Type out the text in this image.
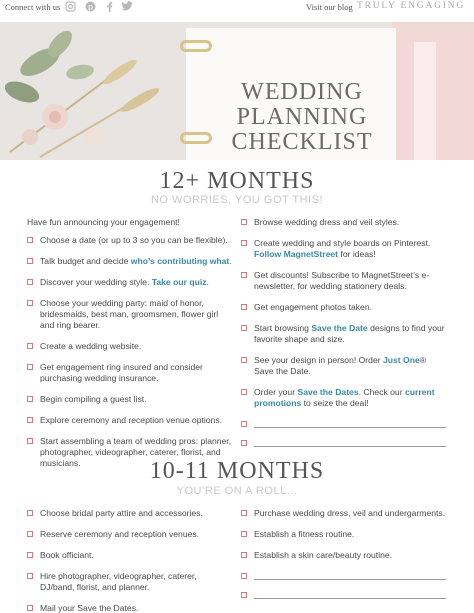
Connect with us	p	Visit our blog TRULY ENGAGING
WEDDING
PLANNING
CHECKLIST
12+ MONTHS
NO WORRIES, YOU GOT THIS!
Have fun announcing your engagement!
Choose a date (or up to 3 so you can be flexible).
Talk budget and decide who’s contributing what.
Discover your wedding style. Take our quiz.
Choose your wedding party: maid of honor, bridesmaids, best man, groomsmen, flower girl and ring bearer.
Create a wedding website.
Get engagement ring insured and consider purchasing wedding insurance.
Begin compiling a guest list.
Explore ceremony and reception venue options.
Start assembling a team of wedding pros: planner, photographer, videographer, caterer, florist, and musicians.
Browse wedding dress and veil styles.
Create wedding and style boards on Pinterest. Follow MagnetStreet for ideas!
Get discounts! Subscribe to MagnetStreet’s e-newsletter, for wedding stationery deals.
Get engagement photos taken.
Start browsing Save the Date designs to find your favorite shape and size.
See your design in person! Order Just One® Save the Date.
Order your Save the Dates. Check our current promotions to seize the deal!
10-11 MONTHS
YOU’RE ON A ROLL...
Choose bridal party attire and accessories.
Reserve ceremony and reception venues.
Book officiant.
Hire photographer, videographer, caterer, DJ/band, florist, and planner.
Mail your Save the Dates.
Purchase wedding dress, veil and undergarments.
Establish a fitness routine.
Establish a skin care/beauty routine.
